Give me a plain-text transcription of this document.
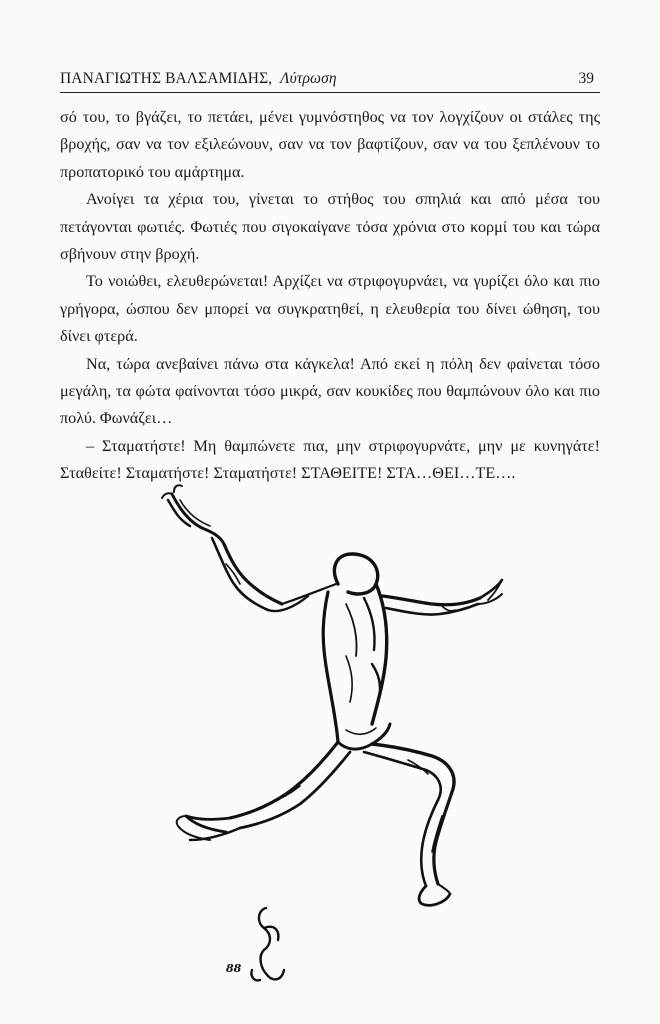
ΠΑΝΑΓΙΩΤΗΣ ΒΑΛΣΑΜΙΔΗΣ, Λύτρωση	39

σό του, το βγάζει, το πετάει, μένει γυμνόστηθος να τον λογχίζουν οι στάλες της βροχής, σαν να τον εξιλεώνουν, σαν να τον βαφτίζουν, σαν να του ξεπλένουν το προπατορικό του αμάρτημα.

Ανοίγει τα χέρια του, γίνεται το στήθος του σπηλιά και από μέσα του πετάγονται φωτιές. Φωτιές που σιγοκαίγανε τόσα χρόνια στο κορμί του και τώρα σβήνουν στην βροχή.

Το νοιώθει, ελευθερώνεται! Αρχίζει να στριφογυρνάει, να γυρίζει όλο και πιο γρήγορα, ώσπου δεν μπορεί να συγκρατηθεί, η ελευθερία του δίνει ώθηση, του δίνει φτερά.

Να, τώρα ανεβαίνει πάνω στα κάγκελα! Από εκεί η πόλη δεν φαίνεται τόσο μεγάλη, τα φώτα φαίνονται τόσο μικρά, σαν κουκίδες που θαμπώνουν όλο και πιο πολύ. Φωνάζει…

– Σταματήστε! Μη θαμπώνετε πια, μην στριφογυρνάτε, μην με κυνηγάτε! Σταθείτε! Σταματήστε! Σταματήστε! ΣΤΑΘΕΙΤΕ! ΣΤΑ…ΘΕΙ…ΤΕ….

88
